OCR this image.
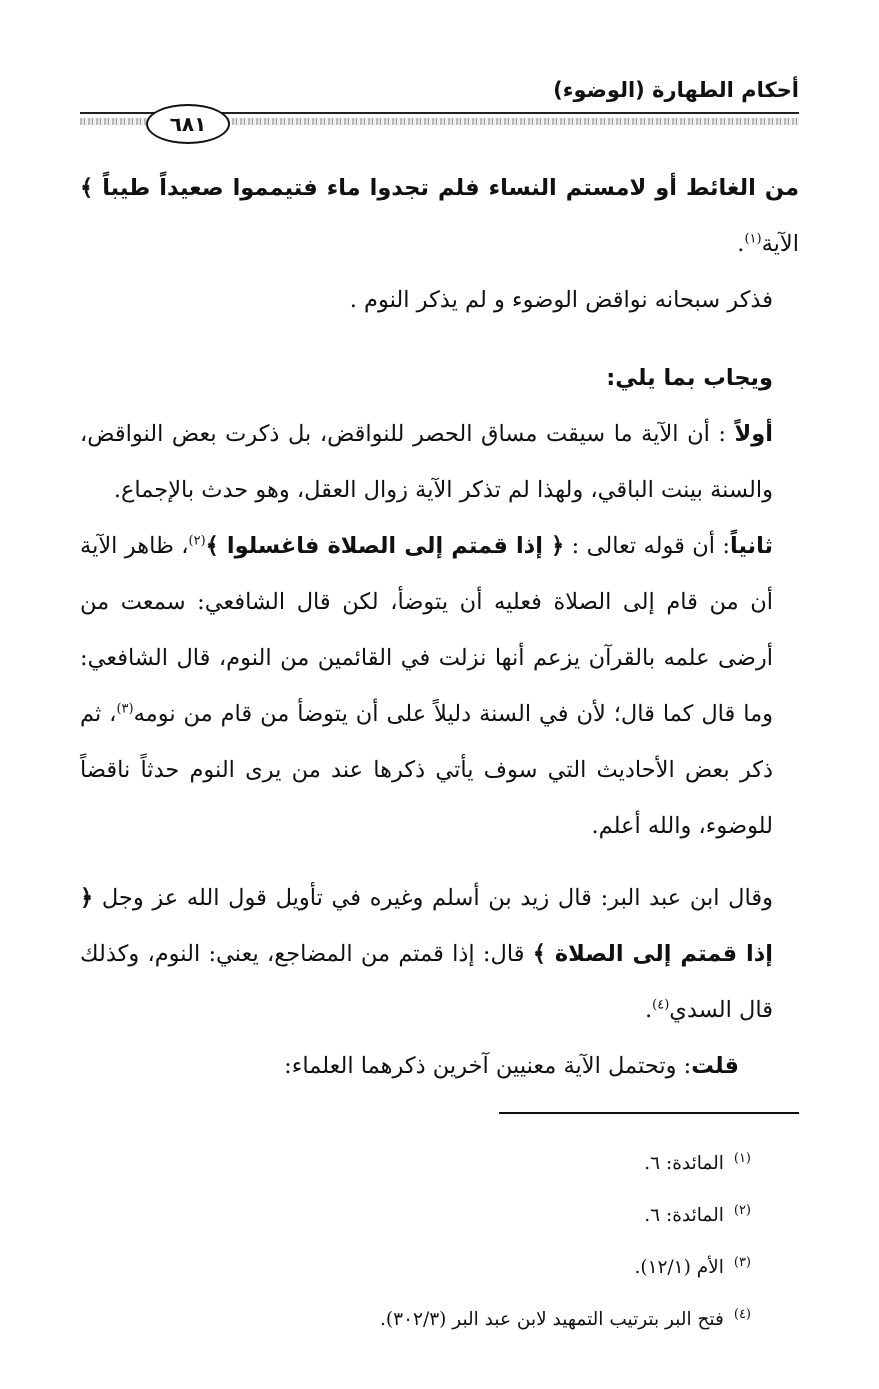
أحكام الطهارة (الوضوء)
٦٨١

من الغائط أو لامستم النساء فلم تجدوا ماء فتيمموا صعيداً طيباً ﴾ الآية$^{(١)}$.

فذكر سبحانه نواقض الوضوء و لم يذكر النوم .

ويجاب بما يلي:

أولاً : أن الآية ما سيقت مساق الحصر للنواقض، بل ذكرت بعض النواقض، والسنة بينت الباقي، ولهذا لم تذكر الآية زوال العقل، وهو حدث بالإجماع.

ثانياً: أن قوله تعالى : ﴿ إذا قمتم إلى الصلاة فاغسلوا ﴾$^{(٢)}$، ظاهر الآية أن من قام إلى الصلاة فعليه أن يتوضأ، لكن قال الشافعي: سمعت من أرضى علمه بالقرآن يزعم أنها نزلت في القائمين من النوم، قال الشافعي: وما قال كما قال؛ لأن في السنة دليلاً على أن يتوضأ من قام من نومه$^{(٣)}$، ثم ذكر بعض الأحاديث التي سوف يأتي ذكرها عند من يرى النوم حدثاً ناقضاً للوضوء، والله أعلم.

وقال ابن عبد البر: قال زيد بن أسلم وغيره في تأويل قول الله عز وجل ﴿ إذا قمتم إلى الصلاة ﴾ قال: إذا قمتم من المضاجع، يعني: النوم، وكذلك قال السدي$^{(٤)}$.

قلت: وتحتمل الآية معنيين آخرين ذكرهما العلماء:

$^{(١)}$المائدة: ٦.

$^{(٢)}$المائدة: ٦.

$^{(٣)}$الأم (١٢/١).

$^{(٤)}$فتح البر بترتيب التمهيد لابن عبد البر (٣٠٢/٣).
